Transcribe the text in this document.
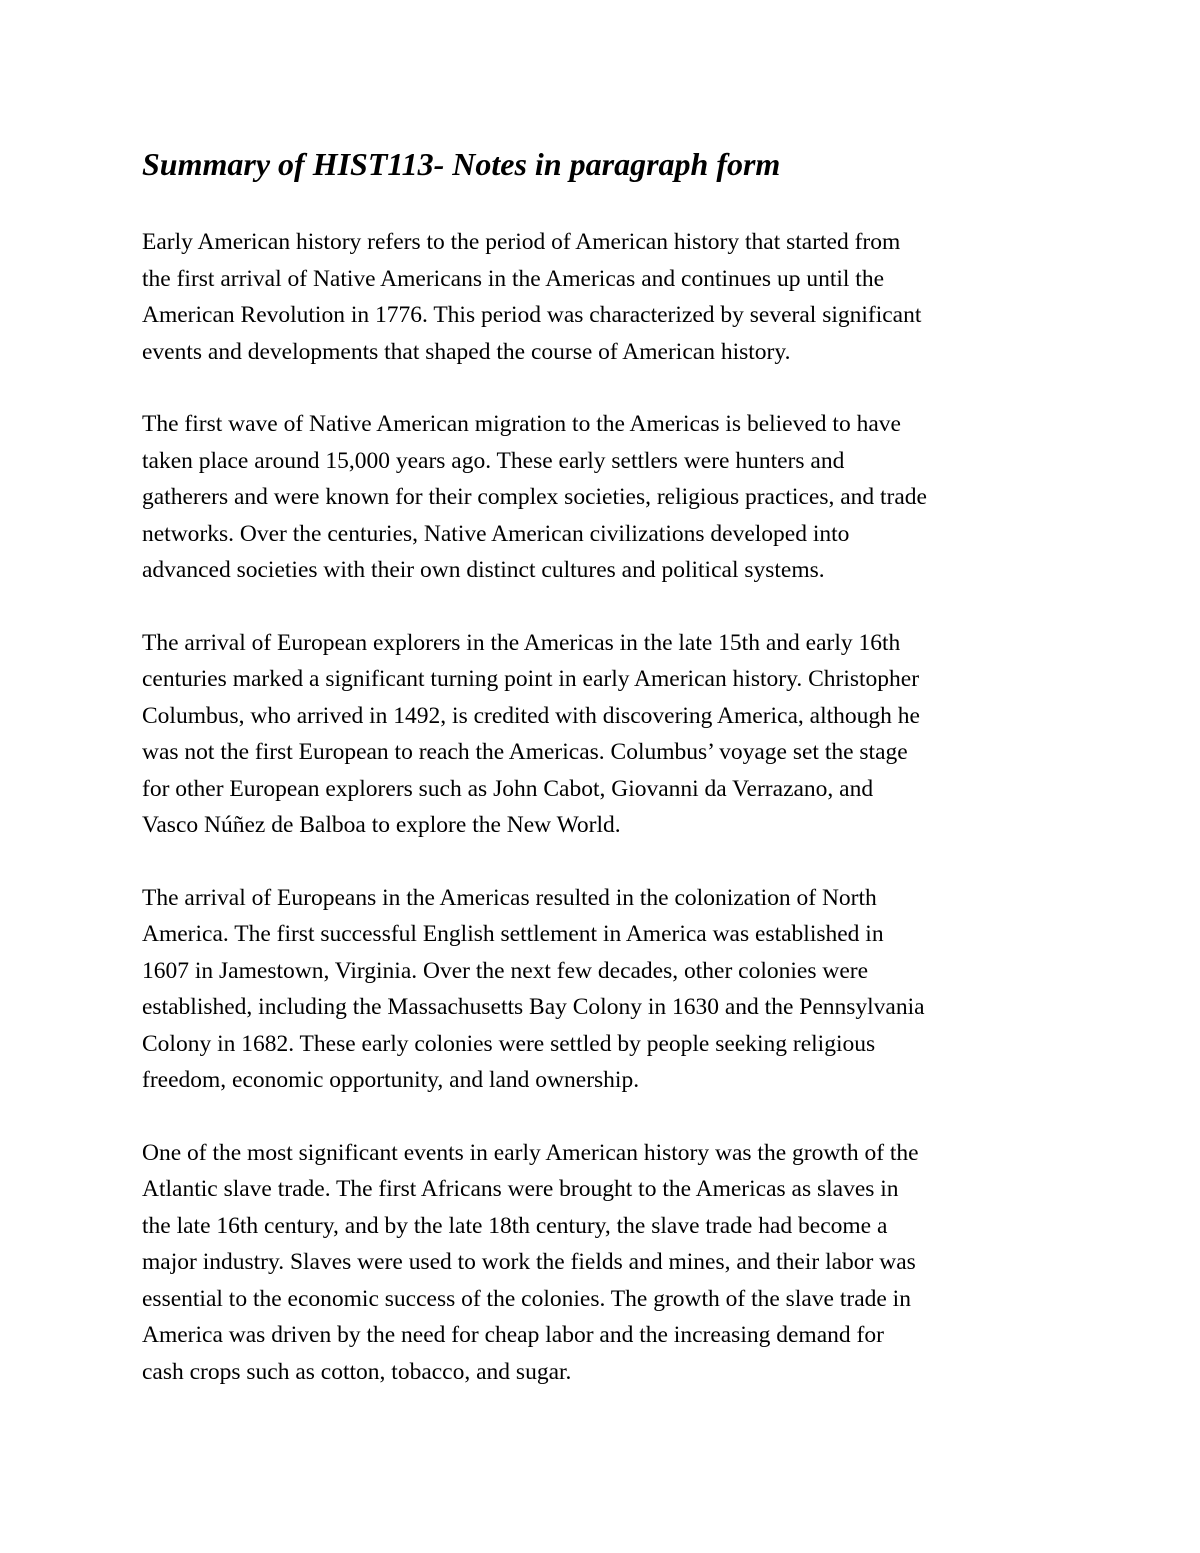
Summary of HIST113- Notes in paragraph form

Early American history refers to the period of American history that started from
the first arrival of Native Americans in the Americas and continues up until the
American Revolution in 1776. This period was characterized by several significant
events and developments that shaped the course of American history.

The first wave of Native American migration to the Americas is believed to have
taken place around 15,000 years ago. These early settlers were hunters and
gatherers and were known for their complex societies, religious practices, and trade
networks. Over the centuries, Native American civilizations developed into
advanced societies with their own distinct cultures and political systems.

The arrival of European explorers in the Americas in the late 15th and early 16th
centuries marked a significant turning point in early American history. Christopher
Columbus, who arrived in 1492, is credited with discovering America, although he
was not the first European to reach the Americas. Columbus’ voyage set the stage
for other European explorers such as John Cabot, Giovanni da Verrazano, and
Vasco Núñez de Balboa to explore the New World.

The arrival of Europeans in the Americas resulted in the colonization of North
America. The first successful English settlement in America was established in
1607 in Jamestown, Virginia. Over the next few decades, other colonies were
established, including the Massachusetts Bay Colony in 1630 and the Pennsylvania
Colony in 1682. These early colonies were settled by people seeking religious
freedom, economic opportunity, and land ownership.

One of the most significant events in early American history was the growth of the
Atlantic slave trade. The first Africans were brought to the Americas as slaves in
the late 16th century, and by the late 18th century, the slave trade had become a
major industry. Slaves were used to work the fields and mines, and their labor was
essential to the economic success of the colonies. The growth of the slave trade in
America was driven by the need for cheap labor and the increasing demand for
cash crops such as cotton, tobacco, and sugar.
